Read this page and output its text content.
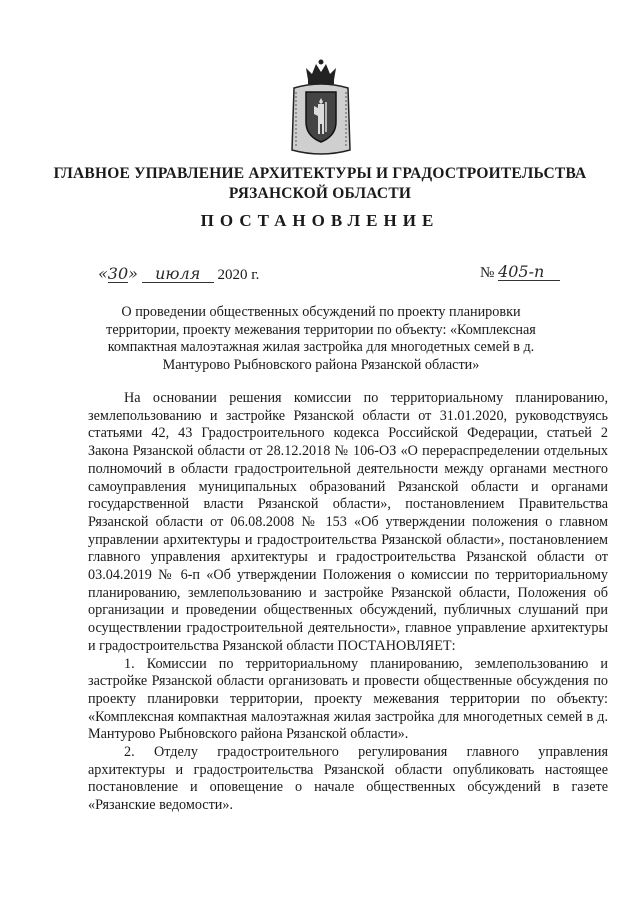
ГЛАВНОЕ УПРАВЛЕНИЕ АРХИТЕКТУРЫ И ГРАДОСТРОИТЕЛЬСТВА
РЯЗАНСКОЙ ОБЛАСТИ
ПОСТАНОВЛЕНИЕ
«30» июля 2020 г.	№ 405-п
О проведении общественных обсуждений по проекту планировки территории, проекту межевания территории по объекту: «Комплексная компактная малоэтажная жилая застройка для многодетных семей в д. Мантурово Рыбновского района Рязанской области»

На основании решения комиссии по территориальному планированию, землепользованию и застройке Рязанской области от 31.01.2020, руководствуясь статьями 42, 43 Градостроительного кодекса Российской Федерации, статьей 2 Закона Рязанской области от 28.12.2018 № 106-ОЗ «О перераспределении отдельных полномочий в области градостроительной деятельности между органами местного самоуправления муниципальных образований Рязанской области и органами государственной власти Рязанской области», постановлением Правительства Рязанской области от 06.08.2008 № 153 «Об утверждении положения о главном управлении архитектуры и градостроительства Рязанской области», постановлением главного управления архитектуры и градостроительства Рязанской области от 03.04.2019 № 6-п «Об утверждении Положения о комиссии по территориальному планированию, землепользованию и застройке Рязанской области, Положения об организации и проведении общественных обсуждений, публичных слушаний при осуществлении градостроительной деятельности», главное управление архитектуры и градостроительства Рязанской области ПОСТАНОВЛЯЕТ:

1. Комиссии по территориальному планированию, землепользованию и застройке Рязанской области организовать и провести общественные обсуждения по проекту планировки территории, проекту межевания территории по объекту: «Комплексная компактная малоэтажная жилая застройка для многодетных семей в д. Мантурово Рыбновского района Рязанской области».

2. Отделу градостроительного регулирования главного управления архитектуры и градостроительства Рязанской области опубликовать настоящее постановление и оповещение о начале общественных обсуждений в газете «Рязанские ведомости».
